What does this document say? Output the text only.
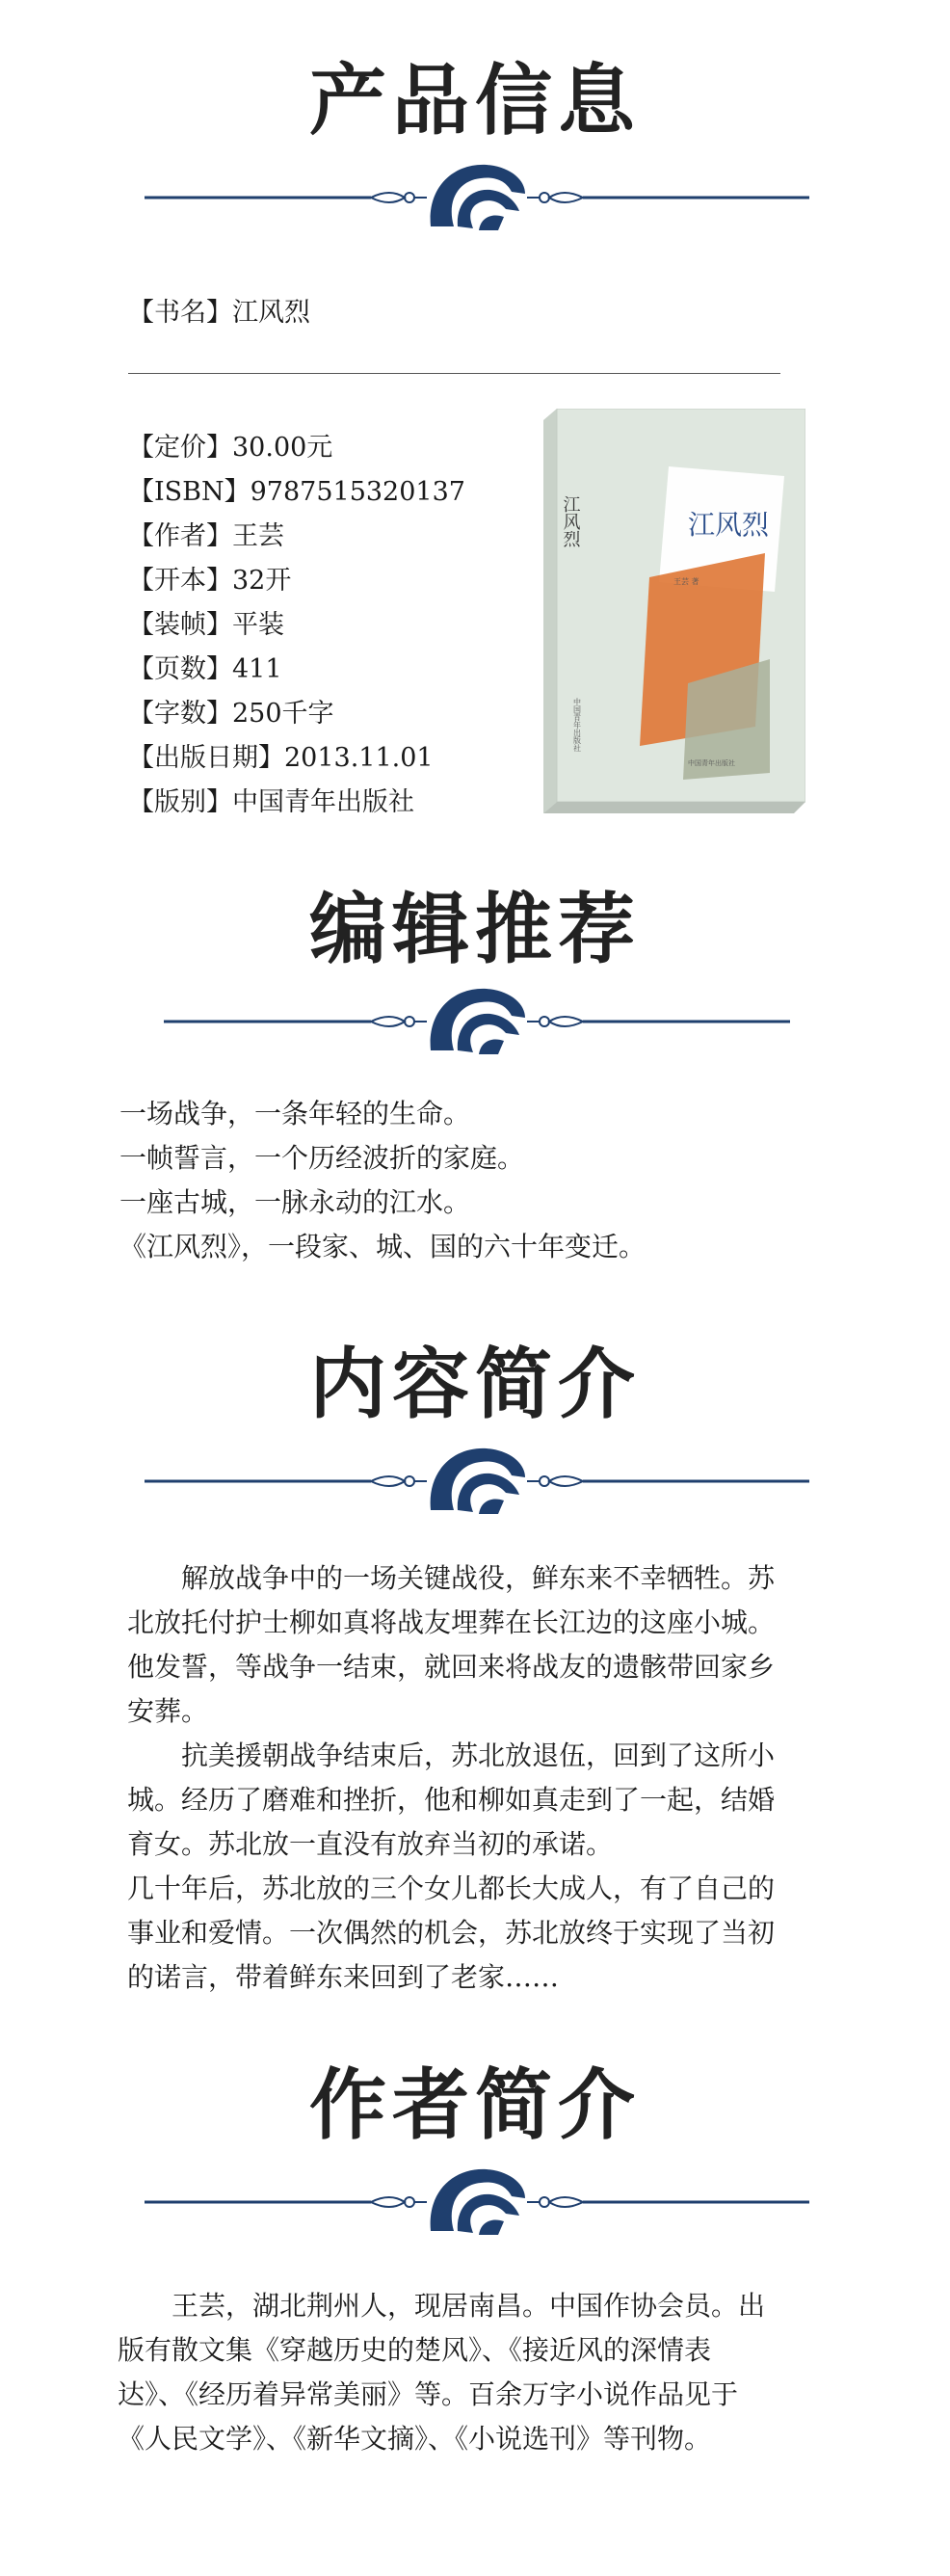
产品信息
【书名】江风烈
【定价】30.00元
【ISBN】9787515320137
【作者】王芸
【开本】32开
【装帧】平装
【页数】411
【字数】250千字
【出版日期】2013.11.01
【版别】中国青年出版社
江风烈
江风烈
王芸 著
中国青年出版社
中国青年出版社
编辑推荐

一场战争，一条年轻的生命。

一帧誓言，一个历经波折的家庭。

一座古城，一脉永动的江水。

《江风烈》，一段家、城、国的六十年变迁。

内容简介

　　解放战争中的一场关键战役，鲜东来不幸牺牲。苏

北放托付护士柳如真将战友埋葬在长江边的这座小城。

他发誓，等战争一结束，就回来将战友的遗骸带回家乡

安葬。

　　抗美援朝战争结束后，苏北放退伍，回到了这所小

城。经历了磨难和挫折，他和柳如真走到了一起，结婚

育女。苏北放一直没有放弃当初的承诺。

几十年后，苏北放的三个女儿都长大成人，有了自己的

事业和爱情。一次偶然的机会，苏北放终于实现了当初

的诺言，带着鲜东来回到了老家……

作者简介

　　王芸，湖北荆州人，现居南昌。中国作协会员。出

版有散文集《穿越历史的楚风》、《接近风的深情表

达》、《经历着异常美丽》等。百余万字小说作品见于

《人民文学》、《新华文摘》、《小说选刊》等刊物。
